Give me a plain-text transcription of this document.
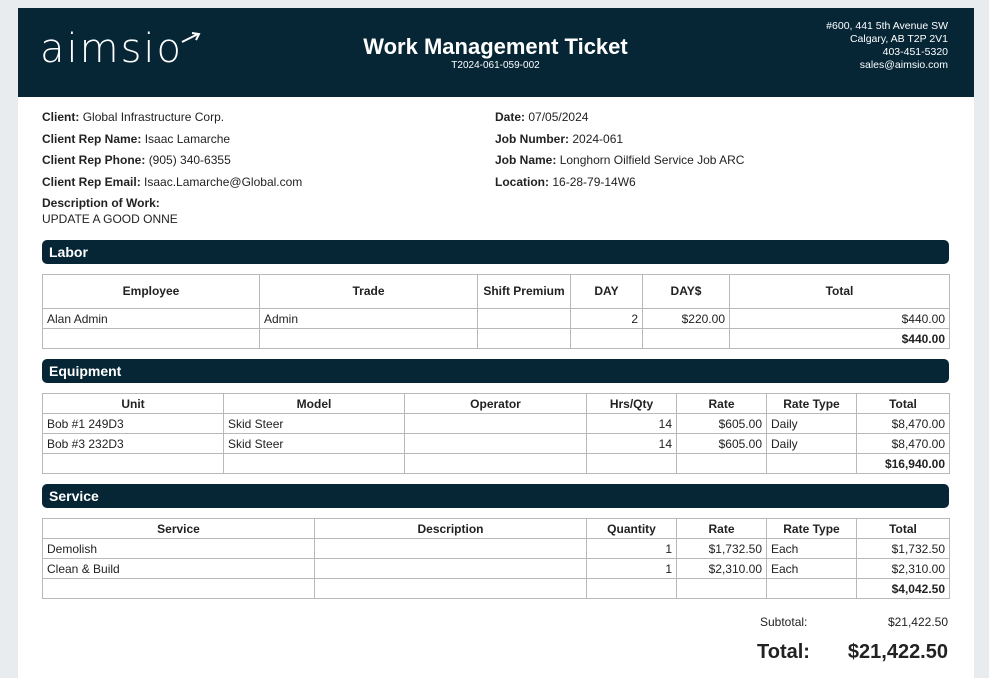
aimsio	Work Management Ticket
T2024-061-059-002
#600, 441 5th Avenue SW
Calgary, AB T2P 2V1
403-451-5320
sales@aimsio.com
Client: Global Infrastructure Corp.
Client Rep Name: Isaac Lamarche
Client Rep Phone: (905) 340-6355
Client Rep Email: Isaac.Lamarche@Global.com
Date: 07/05/2024
Job Number: 2024-061
Job Name: Longhorn Oilfield Service Job ARC
Location: 16-28-79-14W6
Description of Work:
UPDATE A GOOD ONNE
Labor
Employee	Trade	Shift Premium	DAY	DAY$	Total
Alan Admin	Admin		2	$220.00	$440.00
					$440.00
Equipment
Unit	Model	Operator	Hrs/Qty	Rate	Rate Type	Total
Bob #1 249D3	Skid Steer		14	$605.00	Daily	$8,470.00
Bob #3 232D3	Skid Steer		14	$605.00	Daily	$8,470.00
						$16,940.00
Service
Service	Description	Quantity	Rate	Rate Type	Total
Demolish		1	$1,732.50	Each	$1,732.50
Clean & Build		1	$2,310.00	Each	$2,310.00
					$4,042.50
Subtotal:	$21,422.50
Total: $21,422.50
